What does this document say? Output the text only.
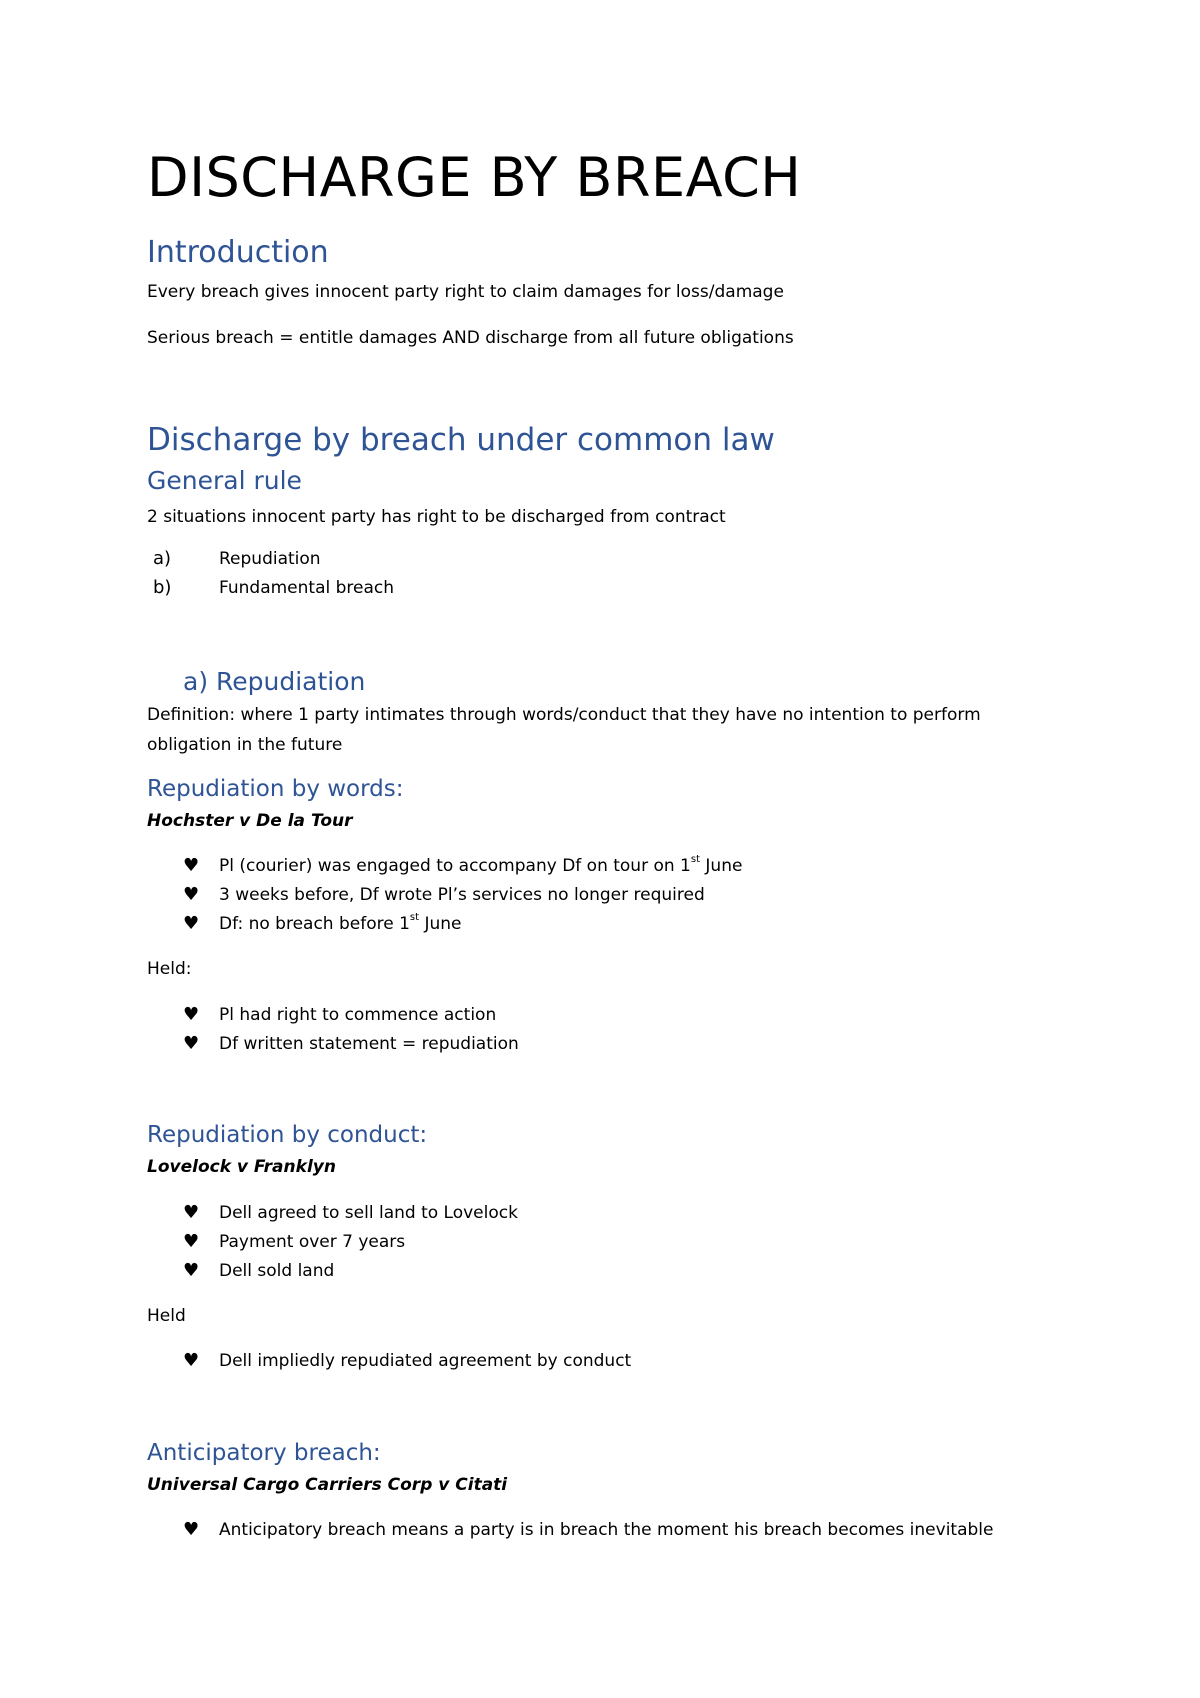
DISCHARGE BY BREACH
Introduction

Every breach gives innocent party right to claim damages for loss/damage

Serious breach = entitle damages AND discharge from all future obligations

Discharge by breach under common law
General rule

2 situations innocent party has right to be discharged from contract

a)	Repudiation
b)	Fundamental breach
a) Repudiation

Definition: where 1 party intimates through words/conduct that they have no intention to perform

obligation in the future

Repudiation by words:

Hochster v De la Tour

♥ Pl (courier) was engaged to accompany Df on tour on 1st June
♥ 3 weeks before, Df wrote Pl’s services no longer required
♥ Df: no breach before 1st June

Held:

♥ Pl had right to commence action
♥ Df written statement = repudiation
Repudiation by conduct:

Lovelock v Franklyn

♥ Dell agreed to sell land to Lovelock
♥ Payment over 7 years
♥ Dell sold land

Held

♥ Dell impliedly repudiated agreement by conduct
Anticipatory breach:

Universal Cargo Carriers Corp v Citati

♥ Anticipatory breach means a party is in breach the moment his breach becomes inevitable
